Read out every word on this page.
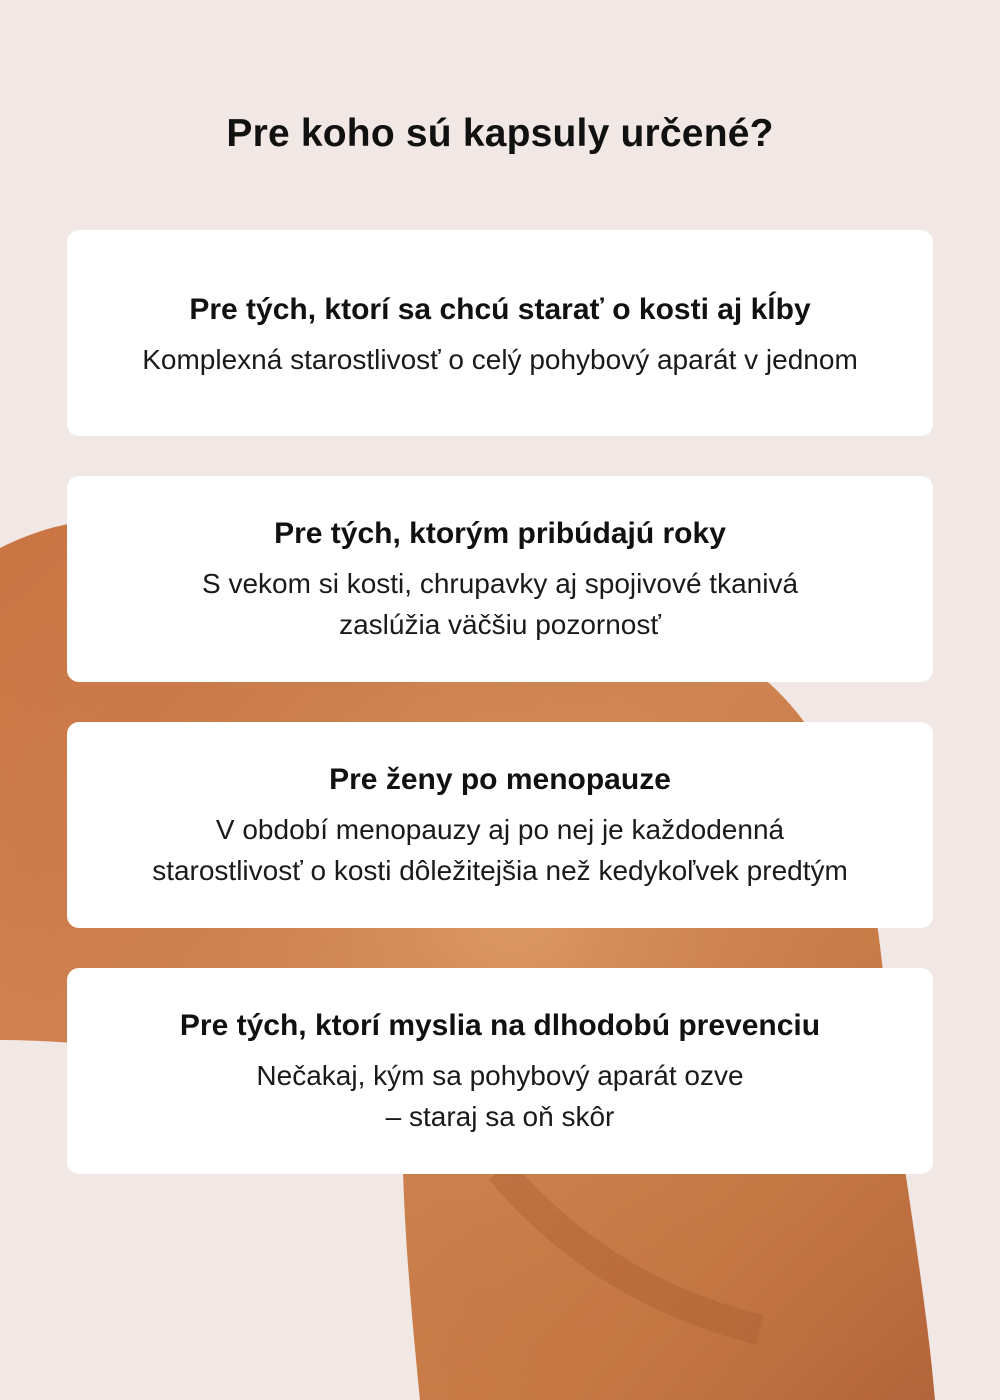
Pre koho sú kapsuly určené?

Pre tých, ktorí sa chcú starať o kosti aj kĺby

Komplexná starostlivosť o celý pohybový aparát v jednom

Pre tých, ktorým pribúdajú roky

S vekom si kosti, chrupavky aj spojivové tkanivá
zaslúžia väčšiu pozornosť

Pre ženy po menopauze

V období menopauzy aj po nej je každodenná
starostlivosť o kosti dôležitejšia než kedykoľvek predtým

Pre tých, ktorí myslia na dlhodobú prevenciu

Nečakaj, kým sa pohybový aparát ozve
– staraj sa oň skôr
